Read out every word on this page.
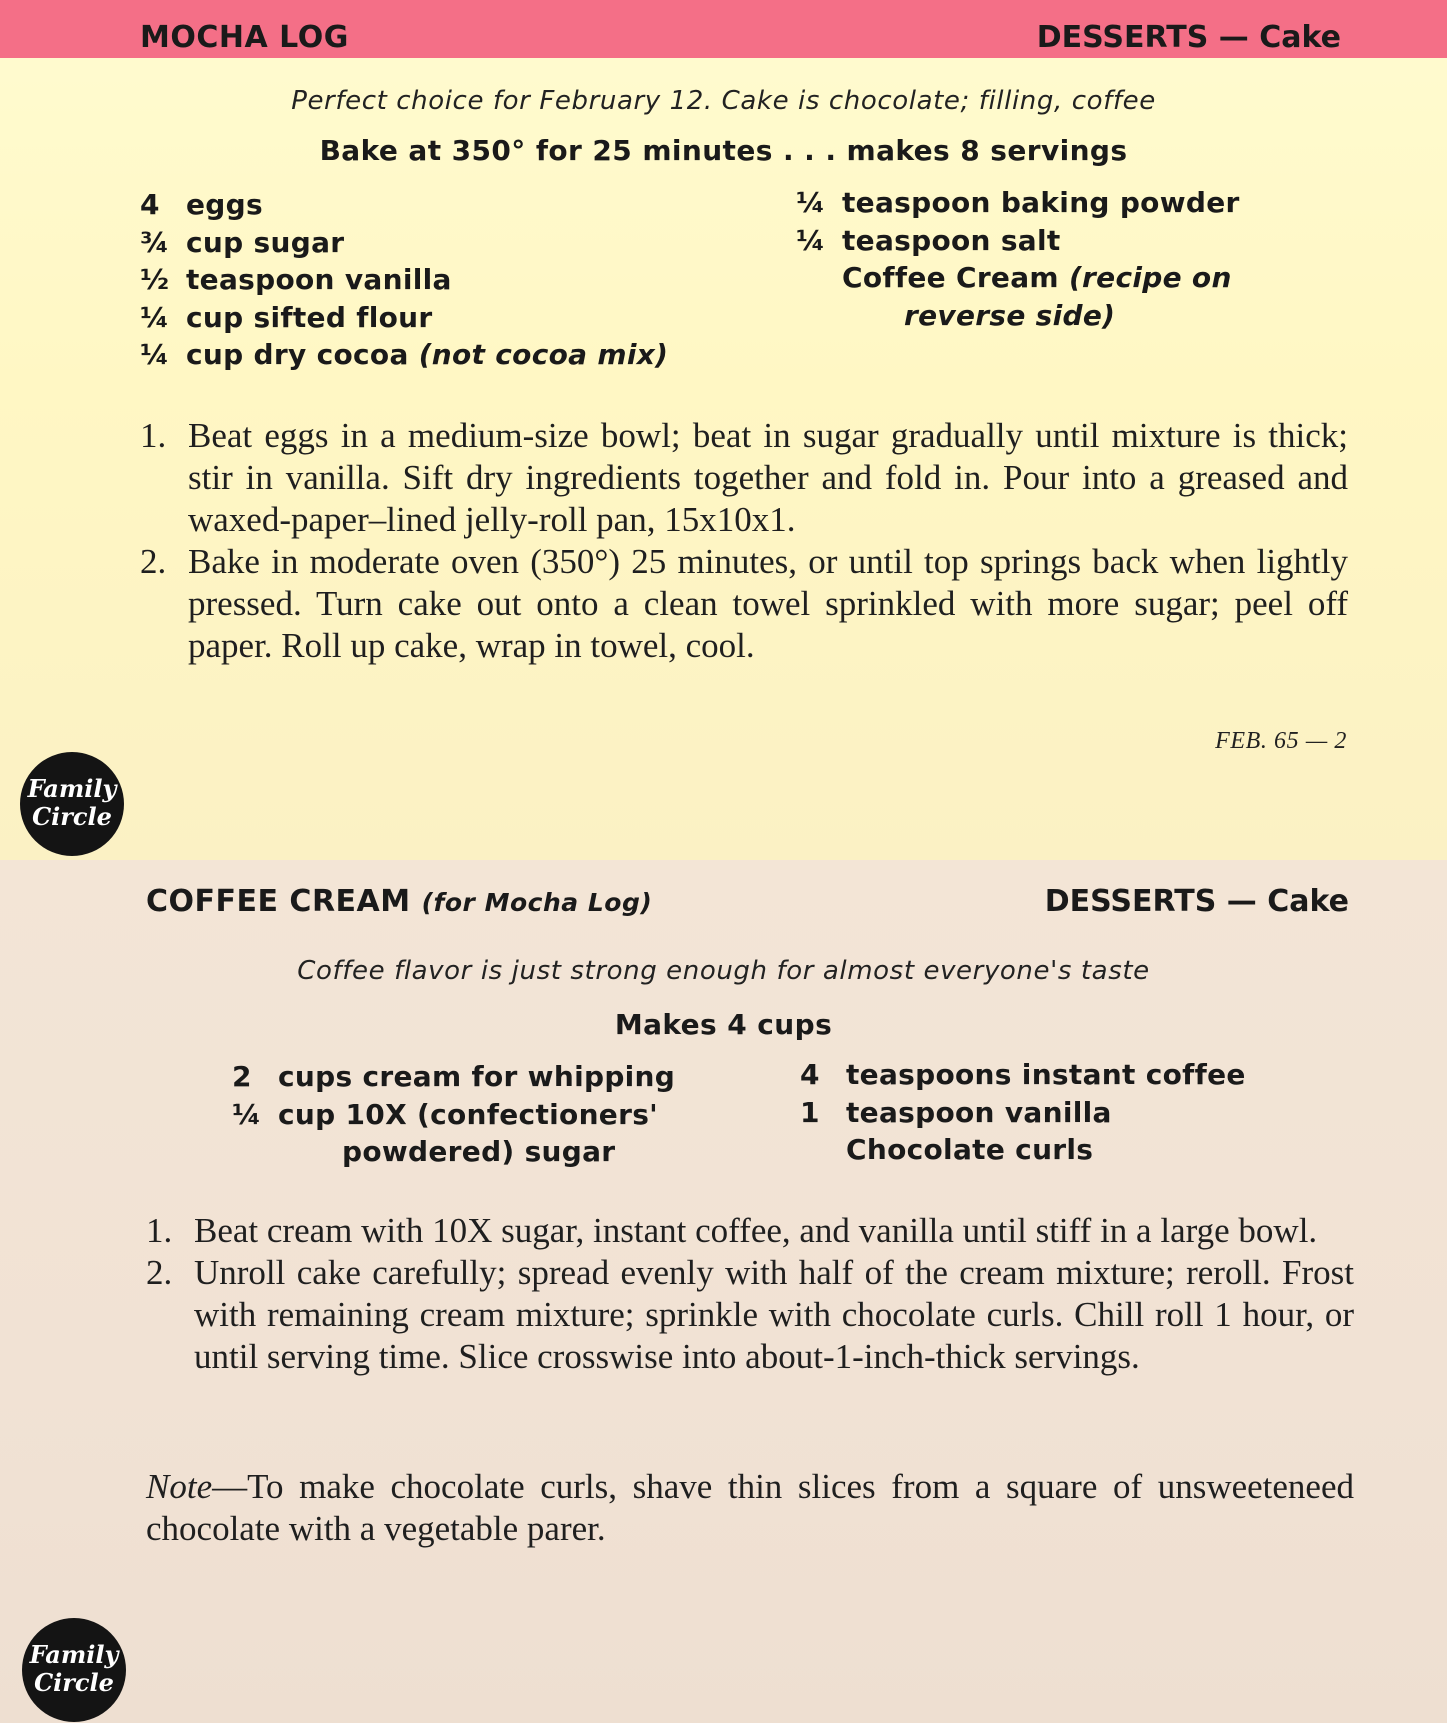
MOCHA LOG	DESSERTS — Cake
Perfect choice for February 12. Cake is chocolate; filling, coffee
Bake at 350° for 25 minutes . . . makes 8 servings
4 eggs
¾ cup sugar
½ teaspoon vanilla
¼ cup sifted flour
¼ cup dry cocoa (not cocoa mix)
¼ teaspoon baking powder
¼ teaspoon salt
Coffee Cream (recipe on
reverse side)
1. Beat eggs in a medium-size bowl; beat in sugar gradually until mixture is thick; stir in vanilla. Sift dry ingredients together and fold in. Pour into a greased and waxed-paper–lined jelly-roll pan, 15x10x1.
2. Bake in moderate oven (350°) 25 minutes, or until top springs back when lightly pressed. Turn cake out onto a clean towel sprinkled with more sugar; peel off paper. Roll up cake, wrap in towel, cool.
FEB. 65 — 2
Family
Circle
COFFEE CREAM (for Mocha Log)	DESSERTS — Cake
Coffee flavor is just strong enough for almost everyone's taste
Makes 4 cups
2 cups cream for whipping
¼ cup 10X (confectioners'
powdered) sugar
4 teaspoons instant coffee
1 teaspoon vanilla
Chocolate curls
1. Beat cream with 10X sugar, instant coffee, and vanilla until stiff in a large bowl.
2. Unroll cake carefully; spread evenly with half of the cream mixture; reroll. Frost with remaining cream mixture; sprinkle with chocolate curls. Chill roll 1 hour, or until serving time. Slice crosswise into about-1-inch-thick servings.
Note—To make chocolate curls, shave thin slices from a square of unsweeteneed chocolate with a vegetable parer.
Family
Circle
